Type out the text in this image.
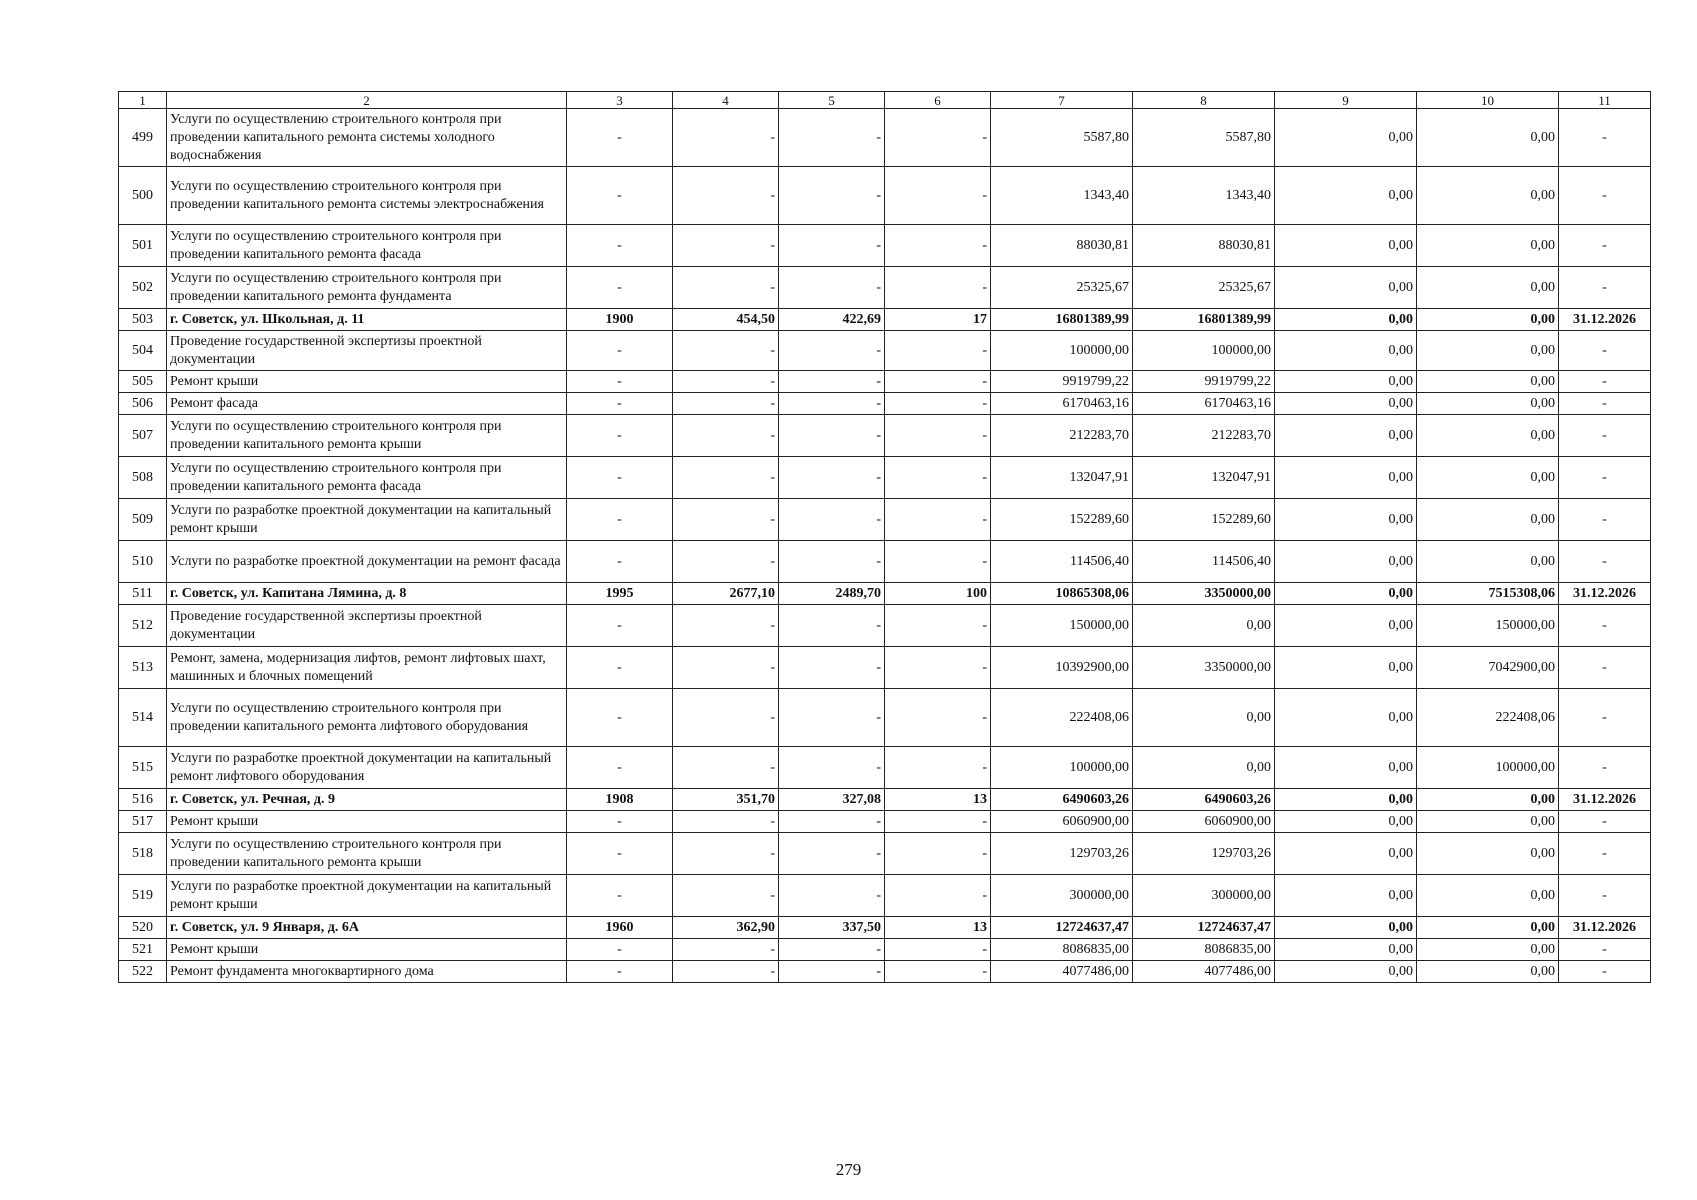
1	2	3	4	5	6	7	8	9	10	11
499	Услуги по осуществлению строительного контроля при проведении капитального ремонта системы холодного водоснабжения	-	-	-	-	5587,80	5587,80	0,00	0,00	-
500	Услуги по осуществлению строительного контроля при проведении капитального ремонта системы электроснабжения	-	-	-	-	1343,40	1343,40	0,00	0,00	-
501	Услуги по осуществлению строительного контроля при проведении капитального ремонта фасада	-	-	-	-	88030,81	88030,81	0,00	0,00	-
502	Услуги по осуществлению строительного контроля при проведении капитального ремонта фундамента	-	-	-	-	25325,67	25325,67	0,00	0,00	-
503	г. Советск, ул. Школьная, д. 11	1900	454,50	422,69	17	16801389,99	16801389,99	0,00	0,00	31.12.2026
504	Проведение государственной экспертизы проектной документации	-	-	-	-	100000,00	100000,00	0,00	0,00	-
505	Ремонт крыши	-	-	-	-	9919799,22	9919799,22	0,00	0,00	-
506	Ремонт фасада	-	-	-	-	6170463,16	6170463,16	0,00	0,00	-
507	Услуги по осуществлению строительного контроля при проведении капитального ремонта крыши	-	-	-	-	212283,70	212283,70	0,00	0,00	-
508	Услуги по осуществлению строительного контроля при проведении капитального ремонта фасада	-	-	-	-	132047,91	132047,91	0,00	0,00	-
509	Услуги по разработке проектной документации на капитальный ремонт крыши	-	-	-	-	152289,60	152289,60	0,00	0,00	-
510	Услуги по разработке проектной документации на ремонт фасада	-	-	-	-	114506,40	114506,40	0,00	0,00	-
511	г. Советск, ул. Капитана Лямина, д. 8	1995	2677,10	2489,70	100	10865308,06	3350000,00	0,00	7515308,06	31.12.2026
512	Проведение государственной экспертизы проектной документации	-	-	-	-	150000,00	0,00	0,00	150000,00	-
513	Ремонт, замена, модернизация лифтов, ремонт лифтовых шахт, машинных и блочных помещений	-	-	-	-	10392900,00	3350000,00	0,00	7042900,00	-
514	Услуги по осуществлению строительного контроля при проведении капитального ремонта лифтового оборудования	-	-	-	-	222408,06	0,00	0,00	222408,06	-
515	Услуги по разработке проектной документации на капитальный ремонт лифтового оборудования	-	-	-	-	100000,00	0,00	0,00	100000,00	-
516	г. Советск, ул. Речная, д. 9	1908	351,70	327,08	13	6490603,26	6490603,26	0,00	0,00	31.12.2026
517	Ремонт крыши	-	-	-	-	6060900,00	6060900,00	0,00	0,00	-
518	Услуги по осуществлению строительного контроля при проведении капитального ремонта крыши	-	-	-	-	129703,26	129703,26	0,00	0,00	-
519	Услуги по разработке проектной документации на капитальный ремонт крыши	-	-	-	-	300000,00	300000,00	0,00	0,00	-
520	г. Советск, ул. 9 Января, д. 6А	1960	362,90	337,50	13	12724637,47	12724637,47	0,00	0,00	31.12.2026
521	Ремонт крыши	-	-	-	-	8086835,00	8086835,00	0,00	0,00	-
522	Ремонт фундамента многоквартирного дома	-	-	-	-	4077486,00	4077486,00	0,00	0,00	-
279
